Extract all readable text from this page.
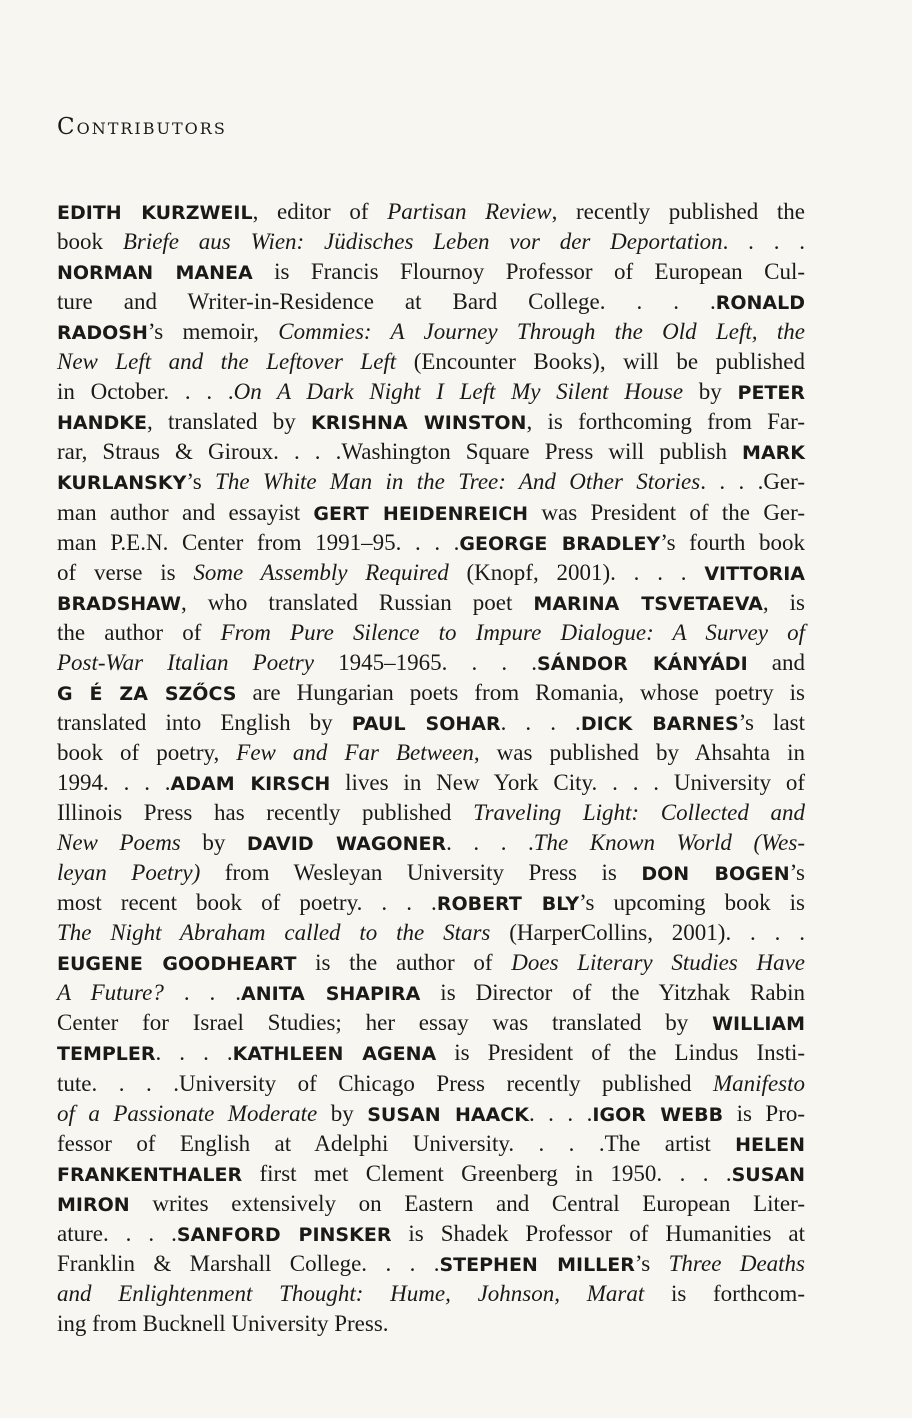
Contributors
EDITH KURZWEIL, editor of Partisan Review, recently published the
book Briefe aus Wien: Jüdisches Leben vor der Deportation. . . .
NORMAN MANEA is Francis Flournoy Professor of European Cul-
ture and Writer-in-Residence at Bard College. . . .RONALD
RADOSH’s memoir, Commies: A Journey Through the Old Left, the
New Left and the Leftover Left (Encounter Books), will be published
in October. . . .On A Dark Night I Left My Silent House by PETER
HANDKE, translated by KRISHNA WINSTON, is forthcoming from Far-
rar, Straus & Giroux. . . .Washington Square Press will publish MARK
KURLANSKY’s The White Man in the Tree: And Other Stories. . . .Ger-
man author and essayist GERT HEIDENREICH was President of the Ger-
man P.E.N. Center from 1991–95. . . .GEORGE BRADLEY’s fourth book
of verse is Some Assembly Required (Knopf, 2001). . . . VITTORIA
BRADSHAW, who translated Russian poet MARINA TSVETAEVA, is
the author of From Pure Silence to Impure Dialogue: A Survey of
Post-War Italian Poetry 1945–1965. . . .SÁNDOR KÁNYÁDI and
G É ZA SZŐCS are Hungarian poets from Romania, whose poetry is
translated into English by PAUL SOHAR. . . .DICK BARNES’s last
book of poetry, Few and Far Between, was published by Ahsahta in
1994. . . .ADAM KIRSCH lives in New York City. . . . University of
Illinois Press has recently published Traveling Light: Collected and
New Poems by DAVID WAGONER. . . .The Known World (Wes-
leyan Poetry) from Wesleyan University Press is DON BOGEN’s
most recent book of poetry. . . .ROBERT BLY’s upcoming book is
The Night Abraham called to the Stars (HarperCollins, 2001). . . .
EUGENE GOODHEART is the author of Does Literary Studies Have
A Future? . . .ANITA SHAPIRA is Director of the Yitzhak Rabin
Center for Israel Studies; her essay was translated by WILLIAM
TEMPLER. . . .KATHLEEN AGENA is President of the Lindus Insti-
tute. . . .University of Chicago Press recently published Manifesto
of a Passionate Moderate by SUSAN HAACK. . . .IGOR WEBB is Pro-
fessor of English at Adelphi University. . . .The artist HELEN
FRANKENTHALER first met Clement Greenberg in 1950. . . .SUSAN
MIRON writes extensively on Eastern and Central European Liter-
ature. . . .SANFORD PINSKER is Shadek Professor of Humanities at
Franklin & Marshall College. . . .STEPHEN MILLER’s Three Deaths
and Enlightenment Thought: Hume, Johnson, Marat is forthcom-
ing from Bucknell University Press.
